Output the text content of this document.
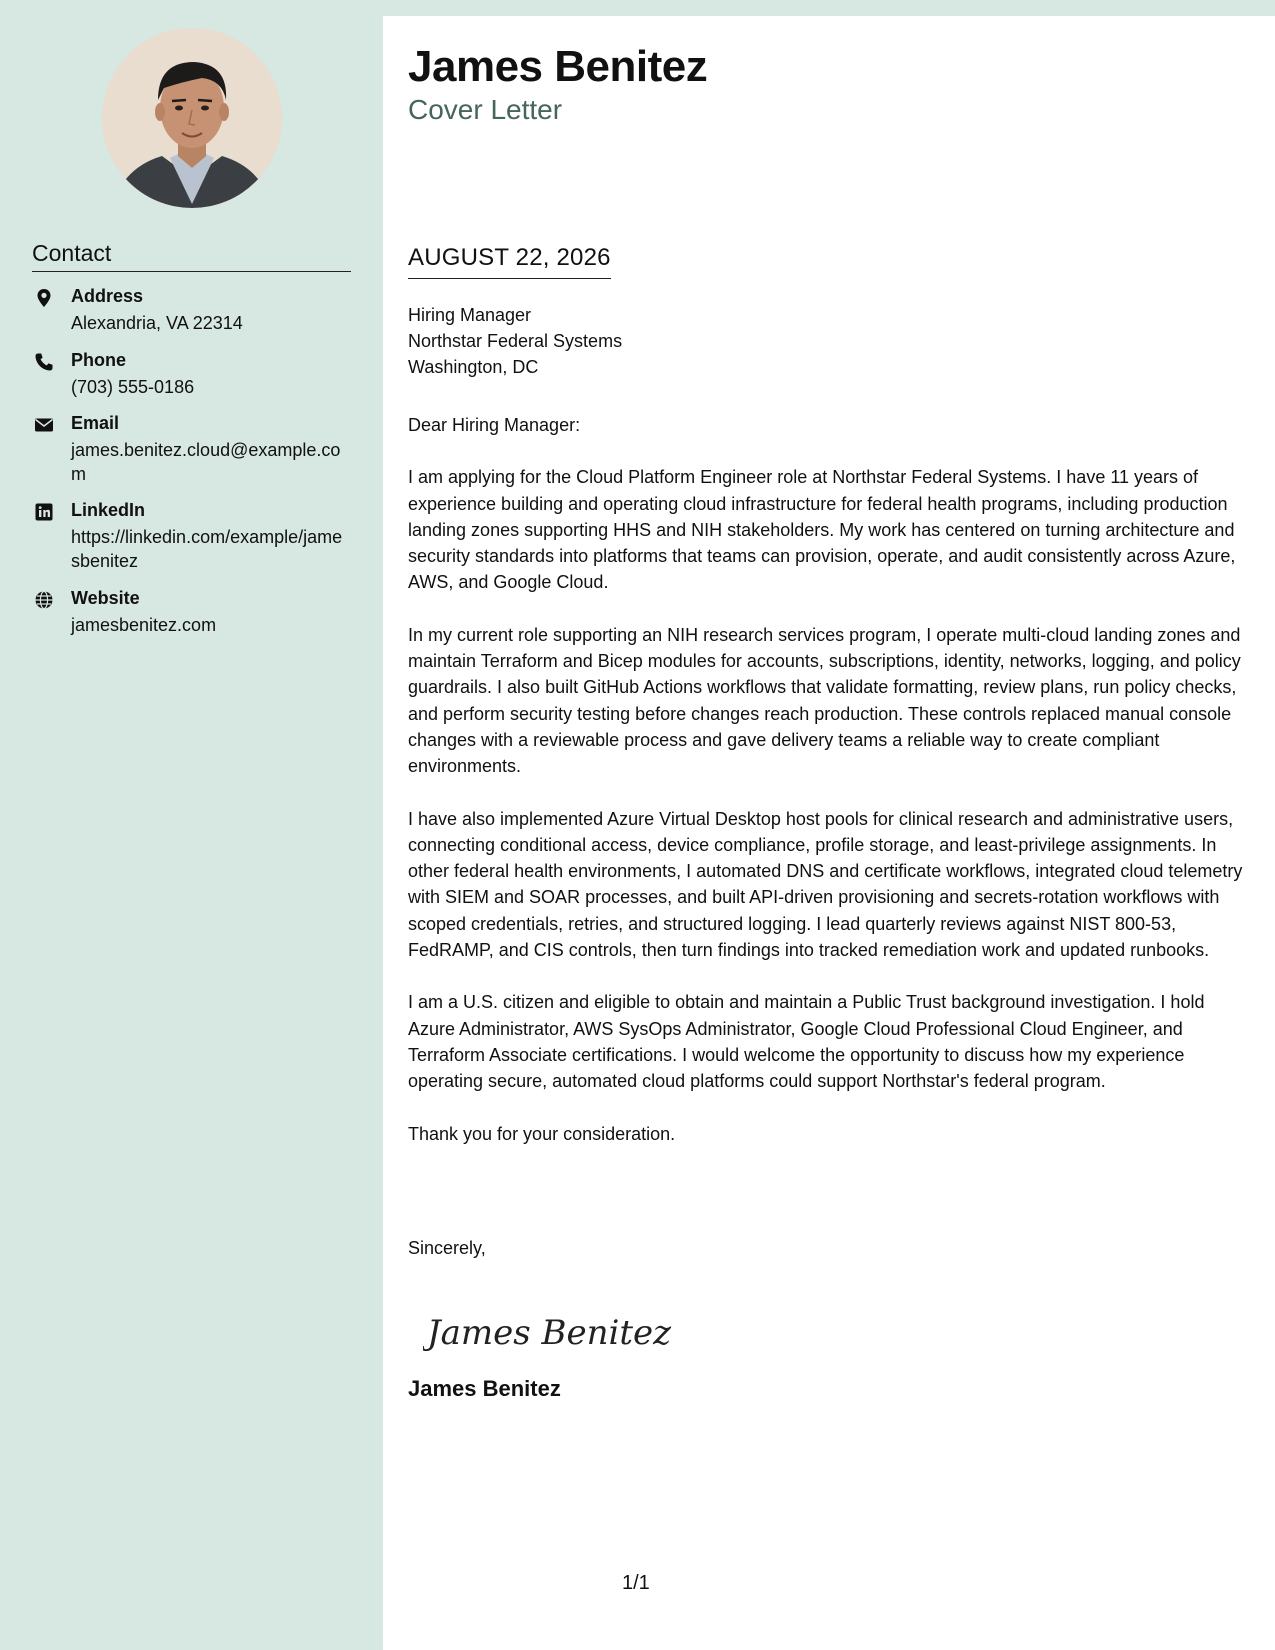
Contact
Address
Alexandria, VA 22314
Phone
(703) 555-0186
Email
james.benitez.cloud@example.com
LinkedIn
https://linkedin.com/example/jamesbenitez
Website
jamesbenitez.com
James Benitez
Cover Letter
AUGUST 22, 2026
Hiring Manager
Northstar Federal Systems
Washington, DC

Dear Hiring Manager:

I am applying for the Cloud Platform Engineer role at Northstar Federal Systems. I have 11 years of experience building and operating cloud infrastructure for federal health programs, including production landing zones supporting HHS and NIH stakeholders. My work has centered on turning architecture and security standards into platforms that teams can provision, operate, and audit consistently across Azure, AWS, and Google Cloud.

In my current role supporting an NIH research services program, I operate multi-cloud landing zones and maintain Terraform and Bicep modules for accounts, subscriptions, identity, networks, logging, and policy guardrails. I also built GitHub Actions workflows that validate formatting, review plans, run policy checks, and perform security testing before changes reach production. These controls replaced manual console changes with a reviewable process and gave delivery teams a reliable way to create compliant environments.

I have also implemented Azure Virtual Desktop host pools for clinical research and administrative users, connecting conditional access, device compliance, profile storage, and least-privilege assignments. In other federal health environments, I automated DNS and certificate workflows, integrated cloud telemetry with SIEM and SOAR processes, and built API-driven provisioning and secrets-rotation workflows with scoped credentials, retries, and structured logging. I lead quarterly reviews against NIST 800-53, FedRAMP, and CIS controls, then turn findings into tracked remediation work and updated runbooks.

I am a U.S. citizen and eligible to obtain and maintain a Public Trust background investigation. I hold Azure Administrator, AWS SysOps Administrator, Google Cloud Professional Cloud Engineer, and Terraform Associate certifications. I would welcome the opportunity to discuss how my experience operating secure, automated cloud platforms could support Northstar's federal program.

Thank you for your consideration.

Sincerely,
James Benitez
James Benitez
1/1
